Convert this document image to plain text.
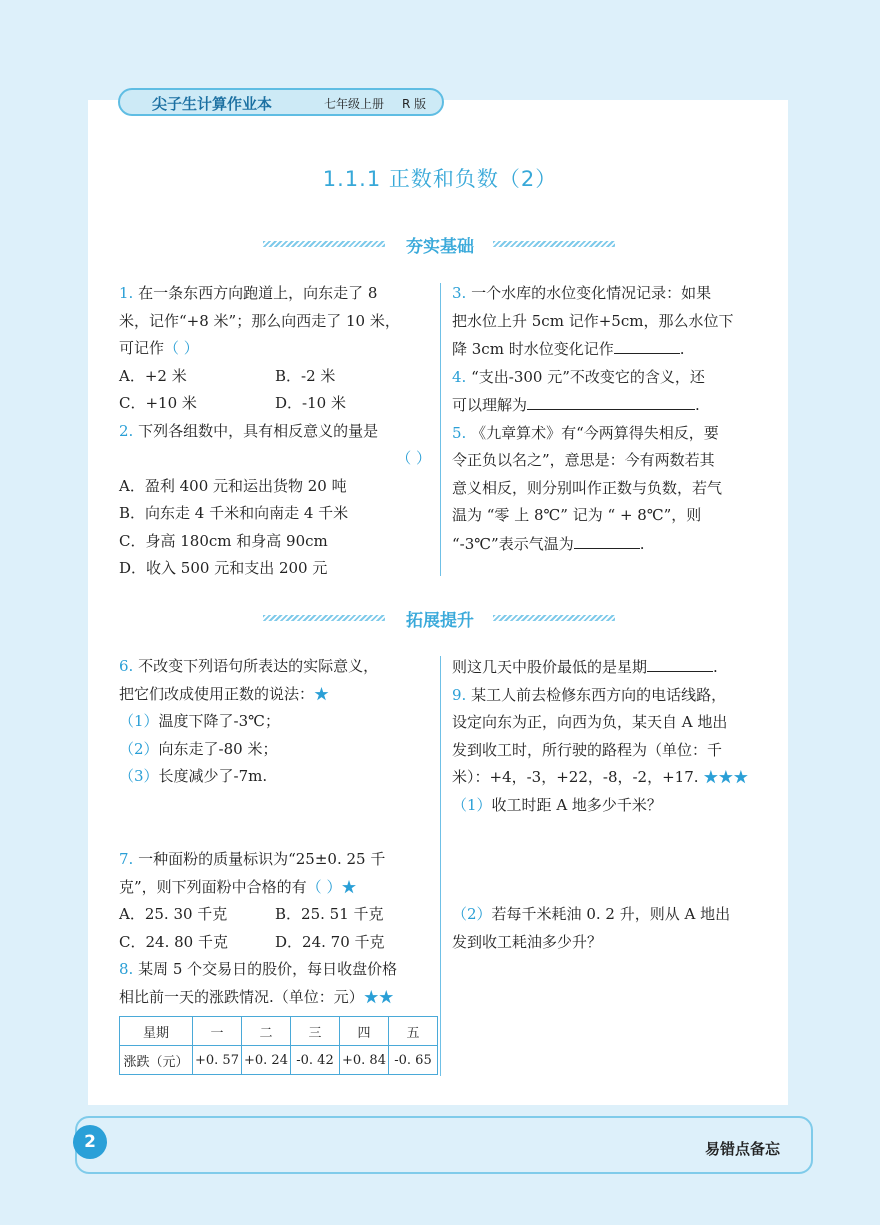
尖子生计算作业本	七年级上册 R 版
1.1.1 正数和负数（2）
夯实基础

1. 在一条东西方向跑道上，向东走了 8

米，记作“+8 米”；那么向西走了 10 米，

可记作（ ）

A．+2 米	B．-2 米
C．+10 米	D．-10 米

2. 下列各组数中，具有相反意义的量是

（ ）

A．盈利 400 元和运出货物 20 吨

B．向东走 4 千米和向南走 4 千米

C．身高 180cm 和身高 90cm

D．收入 500 元和支出 200 元

3. 一个水库的水位变化情况记录：如果

把水位上升 5cm 记作+5cm，那么水位下

降 3cm 时水位变化记作	.

4. “支出-300 元”不改变它的含义，还

可以理解为	.

5. 《九章算术》有“今两算得失相反，要

令正负以名之”，意思是：今有两数若其

意义相反，则分别叫作正数与负数，若气

温为 “零 上 8℃” 记为 “ + 8℃”，则

“-3℃”表示气温为	.

拓展提升

6. 不改变下列语句所表达的实际意义，

把它们改成使用正数的说法：★

（1）温度下降了-3℃；

（2）向东走了-80 米；

（3）长度减少了-7m.

7. 一种面粉的质量标识为“25±0. 25 千

克”，则下列面粉中合格的有（ ）★

A．25. 30 千克	B．25. 51 千克
C．24. 80 千克	D．24. 70 千克

8. 某周 5 个交易日的股价，每日收盘价格

相比前一天的涨跌情况.（单位：元）★★

星期	一	二	三	四	五
涨跌（元）	+0. 57	+0. 24	-0. 42	+0. 84	-0. 65

则这几天中股价最低的是星期	.

9. 某工人前去检修东西方向的电话线路，

设定向东为正，向西为负，某天自 A 地出

发到收工时，所行驶的路程为（单位：千

米）：+4，-3，+22，-8，-2，+17. ★★★

（1）收工时距 A 地多少千米？

（2）若每千米耗油 0. 2 升，则从 A 地出

发到收工耗油多少升？

2	易错点备忘
